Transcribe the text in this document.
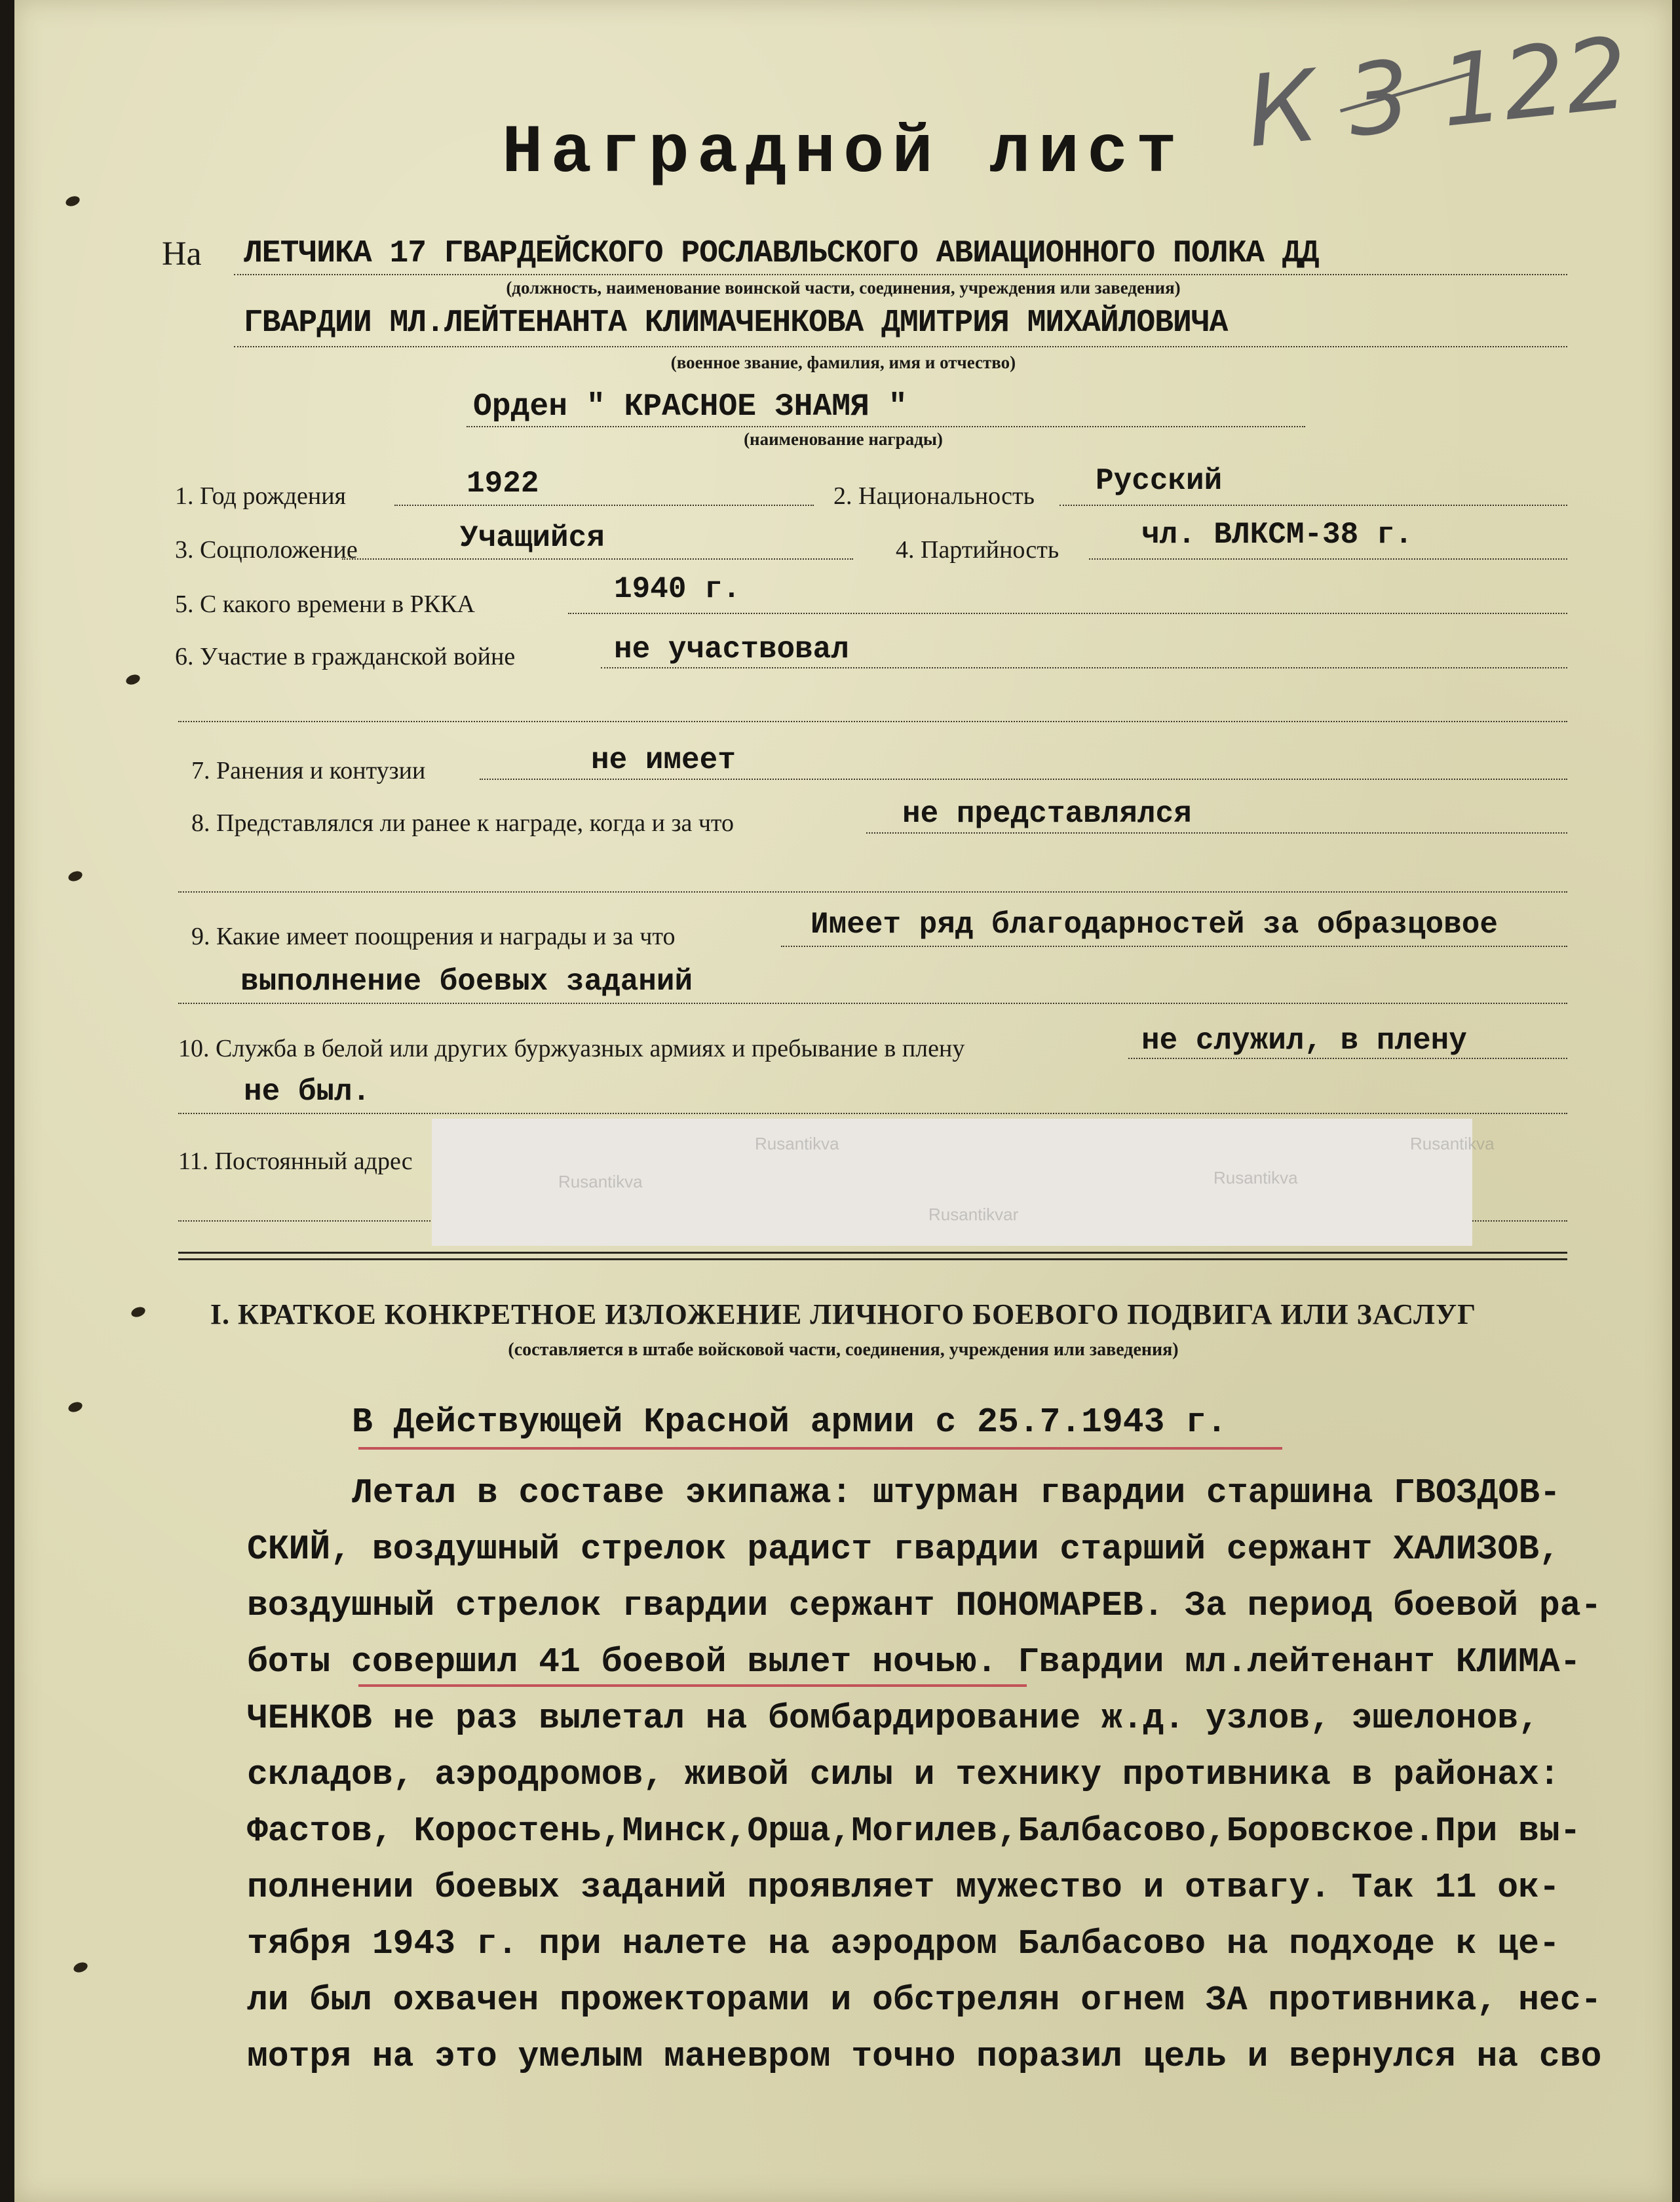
К 3 122
Наградной лист
На ЛЕТЧИКА 17 ГВАРДЕЙСКОГО РОСЛАВЛЬСКОГО АВИАЦИОННОГО ПОЛКА ДД
(должность, наименование воинской части, соединения, учреждения или заведения)
ГВАРДИИ МЛ.ЛЕЙТЕНАНТА КЛИМАЧЕНКОВА ДМИТРИЯ МИХАЙЛОВИЧА
(военное звание, фамилия, имя и отчество)
Орден " КРАСНОЕ ЗНАМЯ "
(наименование награды)
1. Год рождения	1922	2. Национальность Русский
3. Соцположение	Учащийся	4. Партийность	чл. ВЛКСМ-38 г.
5. С какого времени в РККА	1940 г.
6. Участие в гражданской войне	не участвовал
7. Ранения и контузии	не имеет
8. Представлялся ли ранее к награде, когда и за что	не представлялся
9. Какие имеет поощрения и награды и за что	Имеет ряд благодарностей за образцовое
выполнение боевых заданий
10. Служба в белой или других буржуазных армиях и пребывание в плену	не служил, в плену
не был.
11. Постоянный адрес
Rusantikva
Rusantikva	Rusantikva
Rusantikva
Rusantikvar
I. КРАТКОЕ КОНКРЕТНОЕ ИЗЛОЖЕНИЕ ЛИЧНОГО БОЕВОГО ПОДВИГА ИЛИ ЗАСЛУГ
(составляется в штабе войсковой части, соединения, учреждения или заведения)
В Действующей Красной армии с 25.7.1943 г.
Летал в составе экипажа: штурман гвардии старшина ГВОЗДОВ-
СКИЙ, воздушный стрелок радист гвардии старший сержант ХАЛИЗОВ,
воздушный стрелок гвардии сержант ПОНОМАРЕВ. За период боевой ра-
боты совершил 41 боевой вылет ночью. Гвардии мл.лейтенант КЛИМА-
ЧЕНКОВ не раз вылетал на бомбардирование ж.д. узлов, эшелонов,
складов, аэродромов, живой силы и технику противника в районах:
Фастов, Коростень,Минск,Орша,Могилев,Балбасово,Боровское.При вы-
полнении боевых заданий проявляет мужество и отвагу. Так 11 ок-
тября 1943 г. при налете на аэродром Балбасово на подходе к це-
ли был охвачен прожекторами и обстрелян огнем ЗА противника, нес-
мотря на это умелым маневром точно поразил цель и вернулся на сво
